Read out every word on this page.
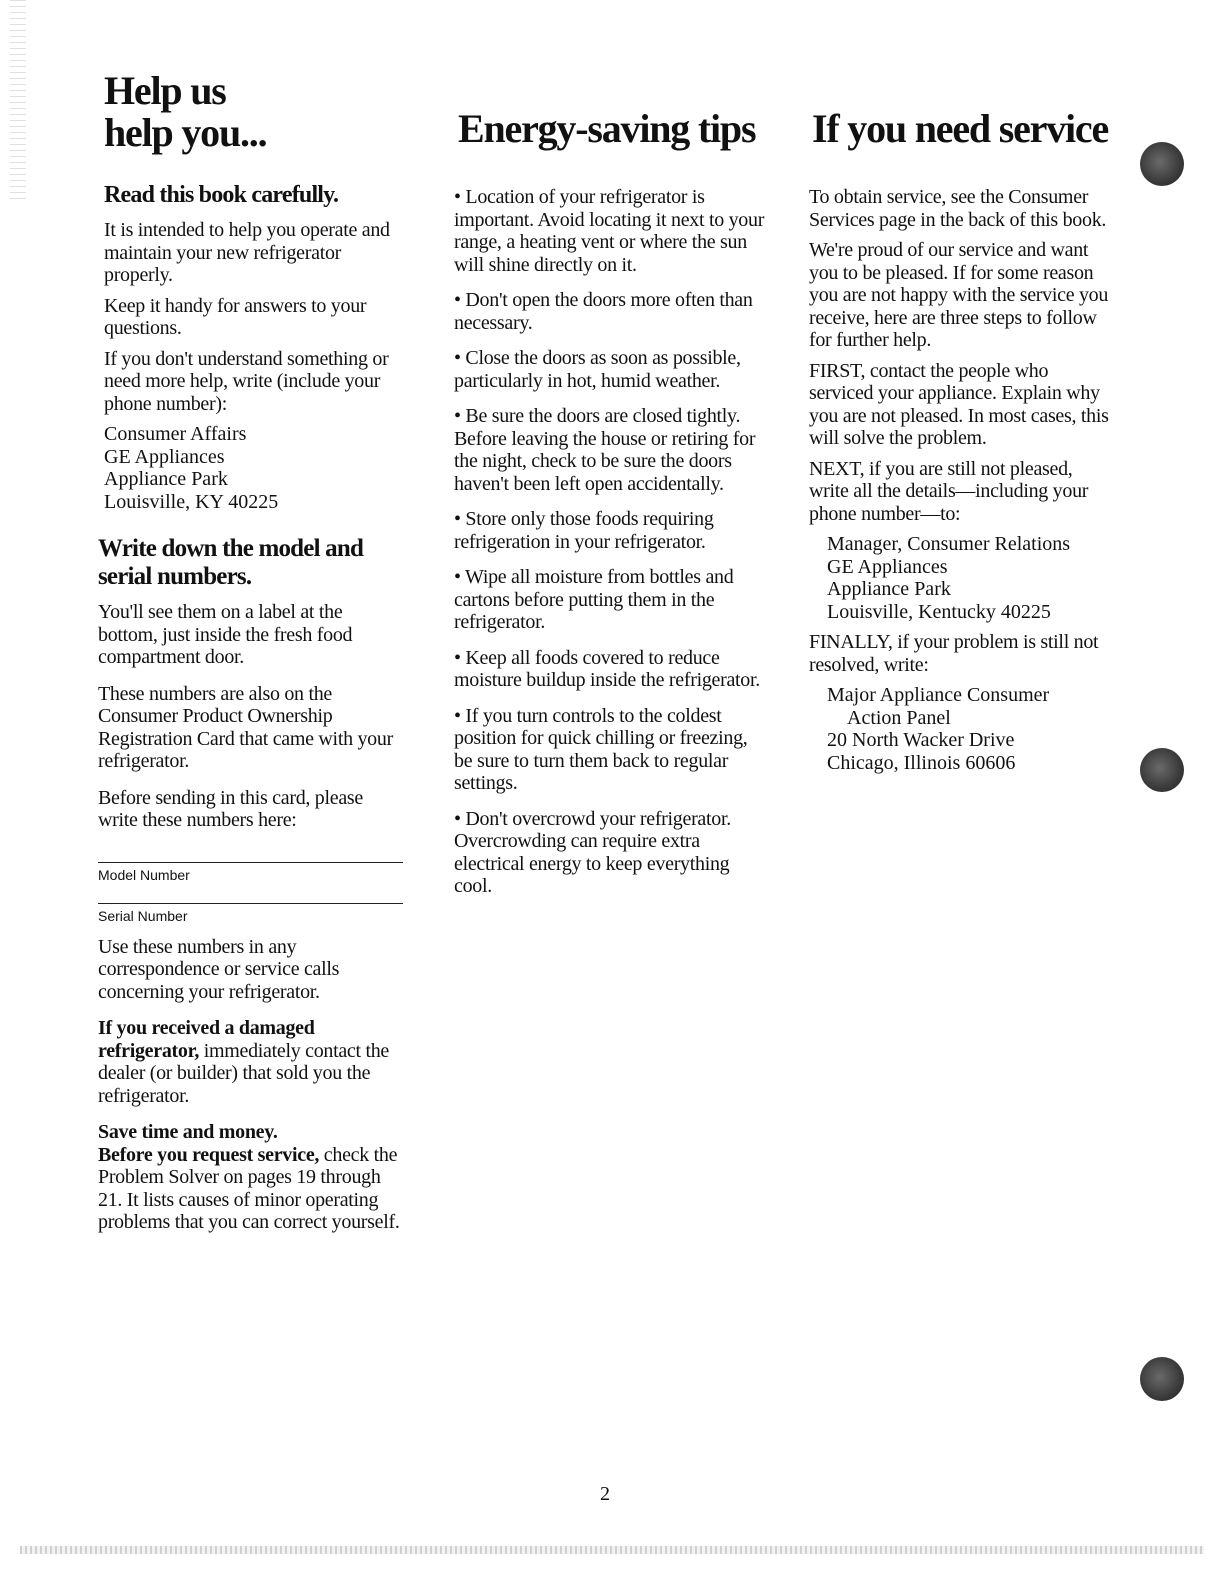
Help us
help you...
Read this book carefully.

It is intended to help you operate and maintain your new refrigerator properly.

Keep it handy for answers to your questions.

If you don't understand something or need more help, write (include your phone number):

Consumer Affairs
GE Appliances
Appliance Park
Louisville, KY 40225
Write down the model and serial numbers.

You'll see them on a label at the bottom, just inside the fresh food compartment door.

These numbers are also on the Consumer Product Ownership Registration Card that came with your refrigerator.

Before sending in this card, please write these numbers here:

Model Number
Serial Number

Use these numbers in any correspondence or service calls concerning your refrigerator.

If you received a damaged refrigerator, immediately contact the dealer (or builder) that sold you the refrigerator.

Save time and money.

Before you request service, check the Problem Solver on pages 19 through 21. It lists causes of minor operating problems that you can correct yourself.

Energy-saving tips

• Location of your refrigerator is important. Avoid locating it next to your range, a heating vent or where the sun will shine directly on it.

• Don't open the doors more often than necessary.

• Close the doors as soon as possible, particularly in hot, humid weather.

• Be sure the doors are closed tightly. Before leaving the house or retiring for the night, check to be sure the doors haven't been left open accidentally.

• Store only those foods requiring refrigeration in your refrigerator.

• Wipe all moisture from bottles and cartons before putting them in the refrigerator.

• Keep all foods covered to reduce moisture buildup inside the refrigerator.

• If you turn controls to the coldest position for quick chilling or freezing, be sure to turn them back to regular settings.

• Don't overcrowd your refrigerator. Overcrowding can require extra electrical energy to keep everything cool.

If you need service

To obtain service, see the Consumer Services page in the back of this book.

We're proud of our service and want you to be pleased. If for some reason you are not happy with the service you receive, here are three steps to follow for further help.

FIRST, contact the people who serviced your appliance. Explain why you are not pleased. In most cases, this will solve the problem.

NEXT, if you are still not pleased, write all the details—including your phone number—to:

Manager, Consumer Relations
GE Appliances
Appliance Park
Louisville, Kentucky 40225

FINALLY, if your problem is still not resolved, write:

Major Appliance Consumer
Action Panel
20 North Wacker Drive
Chicago, Illinois 60606
2
